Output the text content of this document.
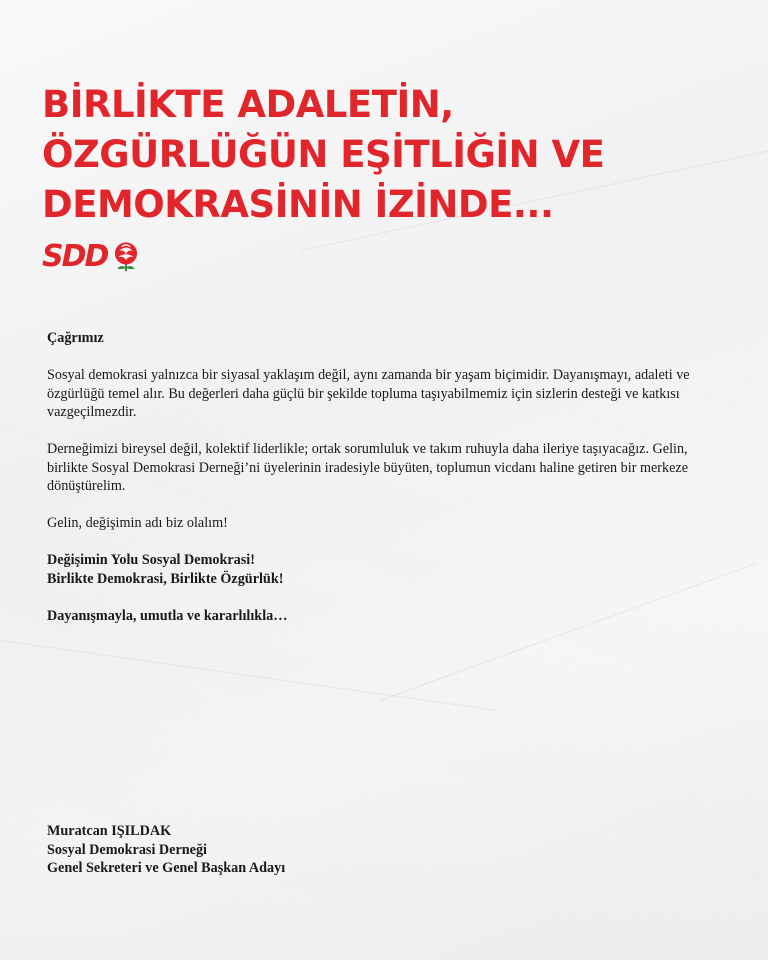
BİRLİKTE ADALETİN,
ÖZGÜRLÜĞÜN EŞİTLİĞİN VE
DEMOKRASİNİN İZİNDE...
SDD

Çağrımız

Sosyal demokrasi yalnızca bir siyasal yaklaşım değil, aynı zamanda bir yaşam biçimidir. Dayanışmayı, adaleti ve özgürlüğü temel alır. Bu değerleri daha güçlü bir şekilde topluma taşıyabilmemiz için sizlerin desteği ve katkısı vazgeçilmezdir.

Derneğimizi bireysel değil, kolektif liderlikle; ortak sorumluluk ve takım ruhuyla daha ileriye taşıyacağız. Gelin, birlikte Sosyal Demokrasi Derneği’ni üyelerinin iradesiyle büyüten, toplumun vicdanı haline getiren bir merkeze dönüştürelim.

Gelin, değişimin adı biz olalım!

Değişimin Yolu Sosyal Demokrasi!
Birlikte Demokrasi, Birlikte Özgürlük!

Dayanışmayla, umutla ve kararlılıkla…

Muratcan IŞILDAK
Sosyal Demokrasi Derneği
Genel Sekreteri ve Genel Başkan Adayı
